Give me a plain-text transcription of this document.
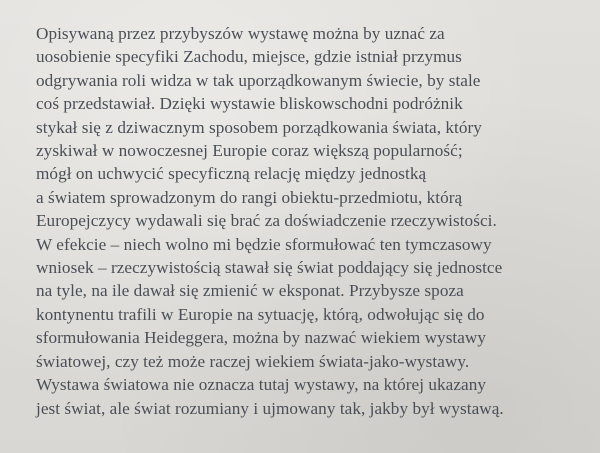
Opisywaną przez przybyszów wystawę można by uznać za
uosobienie specyfiki Zachodu, miejsce, gdzie istniał przymus
odgrywania roli widza w tak uporządkowanym świecie, by stale
coś przedstawiał. Dzięki wystawie bliskowschodni podróżnik
stykał się z dziwacznym sposobem porządkowania świata, który
zyskiwał w nowoczesnej Europie coraz większą popularność;
mógł on uchwycić specyficzną relację między jednostką
a światem sprowadzonym do rangi obiektu-przedmiotu, którą
Europejczycy wydawali się brać za doświadczenie rzeczywistości.
W efekcie – niech wolno mi będzie sformułować ten tymczasowy
wniosek – rzeczywistością stawał się świat poddający się jednostce
na tyle, na ile dawał się zmienić w eksponat. Przybysze spoza
kontynentu trafili w Europie na sytuację, którą, odwołując się do
sformułowania Heideggera, można by nazwać wiekiem wystawy
światowej, czy też może raczej wiekiem świata-jako-wystawy.
Wystawa światowa nie oznacza tutaj wystawy, na której ukazany
jest świat, ale świat rozumiany i ujmowany tak, jakby był wystawą.
